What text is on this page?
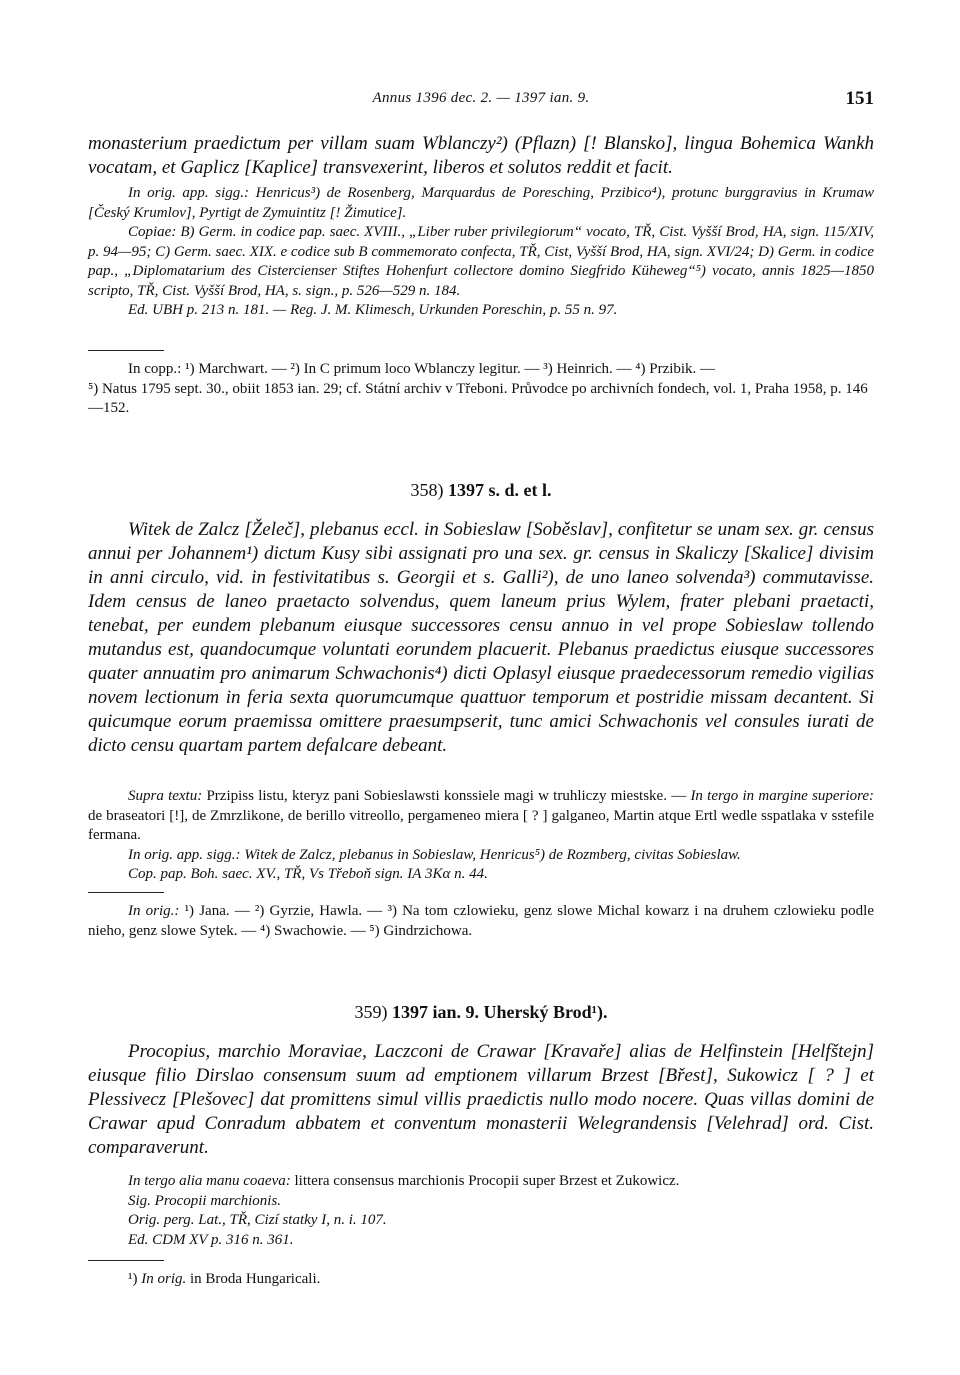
Annus 1396 dec. 2. — 1397 ian. 9.	151

monasterium praedictum per villam suam Wblanczy²) (Pflazn) [! Blansko], lingua Bohemica Wankh vocatam, et Gaplicz [Kaplice] transvexerint, liberos et solutos reddit et facit.

In orig. app. sigg.: Henricus³) de Rosenberg, Marquardus de Poresching, Przibico⁴), protunc burggravius in Krumaw [Český Krumlov], Pyrtigt de Zymuintitz [! Žimutice].

Copiae: B) Germ. in codice pap. saec. XVIII., „Liber ruber privilegiorum“ vocato, TŘ, Cist. Vyšší Brod, HA, sign. 115/XIV, p. 94—95; C) Germ. saec. XIX. e codice sub B commemorato confecta, TŘ, Cist, Vyšší Brod, HA, sign. XVI/24; D) Germ. in codice pap., „Diplomatarium des Cistercienser Stiftes Hohenfurt collectore domino Siegfrido Küheweg“⁵) vocato, annis 1825—1850 scripto, TŘ, Cist. Vyšší Brod, HA, s. sign., p. 526—529 n. 184.

Ed. UBH p. 213 n. 181. — Reg. J. M. Klimesch, Urkunden Poreschin, p. 55 n. 97.

In copp.: ¹) Marchwart. — ²) In C primum loco Wblanczy legitur. — ³) Heinrich. — ⁴) Przibik. —

⁵) Natus 1795 sept. 30., obiit 1853 ian. 29; cf. Státní archiv v Třeboni. Průvodce po archivních fondech, vol. 1, Praha 1958, p. 146—152.

358) 1397 s. d. et l.

Witek de Zalcz [Želeč], plebanus eccl. in Sobieslaw [Soběslav], confitetur se unam sex. gr. census annui per Johannem¹) dictum Kusy sibi assignati pro una sex. gr. census in Skaliczy [Skalice] divisim in anni circulo, vid. in festivitatibus s. Georgii et s. Galli²), de uno laneo solvenda³) commutavisse. Idem census de laneo praetacto solvendus, quem laneum prius Wylem, frater plebani praetacti, tenebat, per eundem plebanum eiusque successores censu annuo in vel prope Sobieslaw tollendo mutandus est, quandocumque voluntati eorundem placuerit. Plebanus praedictus eiusque successores quater annuatim pro animarum Schwachonis⁴) dicti Oplasyl eiusque praedecessorum remedio vigilias novem lectionum in feria sexta quorumcumque quattuor temporum et postridie missam decantent. Si quicumque eorum praemissa omittere praesumpserit, tunc amici Schwachonis vel consules iurati de dicto censu quartam partem defalcare debeant.

Supra textu: Przipiss listu, kteryz pani Sobieslawsti konssiele magi w truhliczy miestske. — In tergo in margine superiore: de braseatori [!], de Zmrzlikone, de berillo vitreollo, pergameneo miera [ ? ] galganeo, Martin atque Ertl wedle sspatlaka v sstefile fermana.

In orig. app. sigg.: Witek de Zalcz, plebanus in Sobieslaw, Henricus⁵) de Rozmberg, civitas Sobieslaw.

Cop. pap. Boh. saec. XV., TŘ, Vs Třeboň sign. IA 3Kα n. 44.

In orig.: ¹) Jana. — ²) Gyrzie, Hawla. — ³) Na tom czlowieku, genz slowe Michal kowarz i na druhem czlowieku podle nieho, genz slowe Sytek. — ⁴) Swachowie. — ⁵) Gindrzichowa.

359) 1397 ian. 9. Uherský Brod¹).

Procopius, marchio Moraviae, Laczconi de Crawar [Kravaře] alias de Helfinstein [Helfštejn] eiusque filio Dirslao consensum suum ad emptionem villarum Brzest [Břest], Sukowicz [ ? ] et Plessivecz [Plešovec] dat promittens simul villis praedictis nullo modo nocere. Quas villas domini de Crawar apud Conradum abbatem et conventum monasterii Welegrandensis [Velehrad] ord. Cist. comparaverunt.

In tergo alia manu coaeva: littera consensus marchionis Procopii super Brzest et Zukowicz.

Sig. Procopii marchionis.

Orig. perg. Lat., TŘ, Cizí statky I, n. i. 107.

Ed. CDM XV p. 316 n. 361.

¹) In orig. in Broda Hungaricali.
